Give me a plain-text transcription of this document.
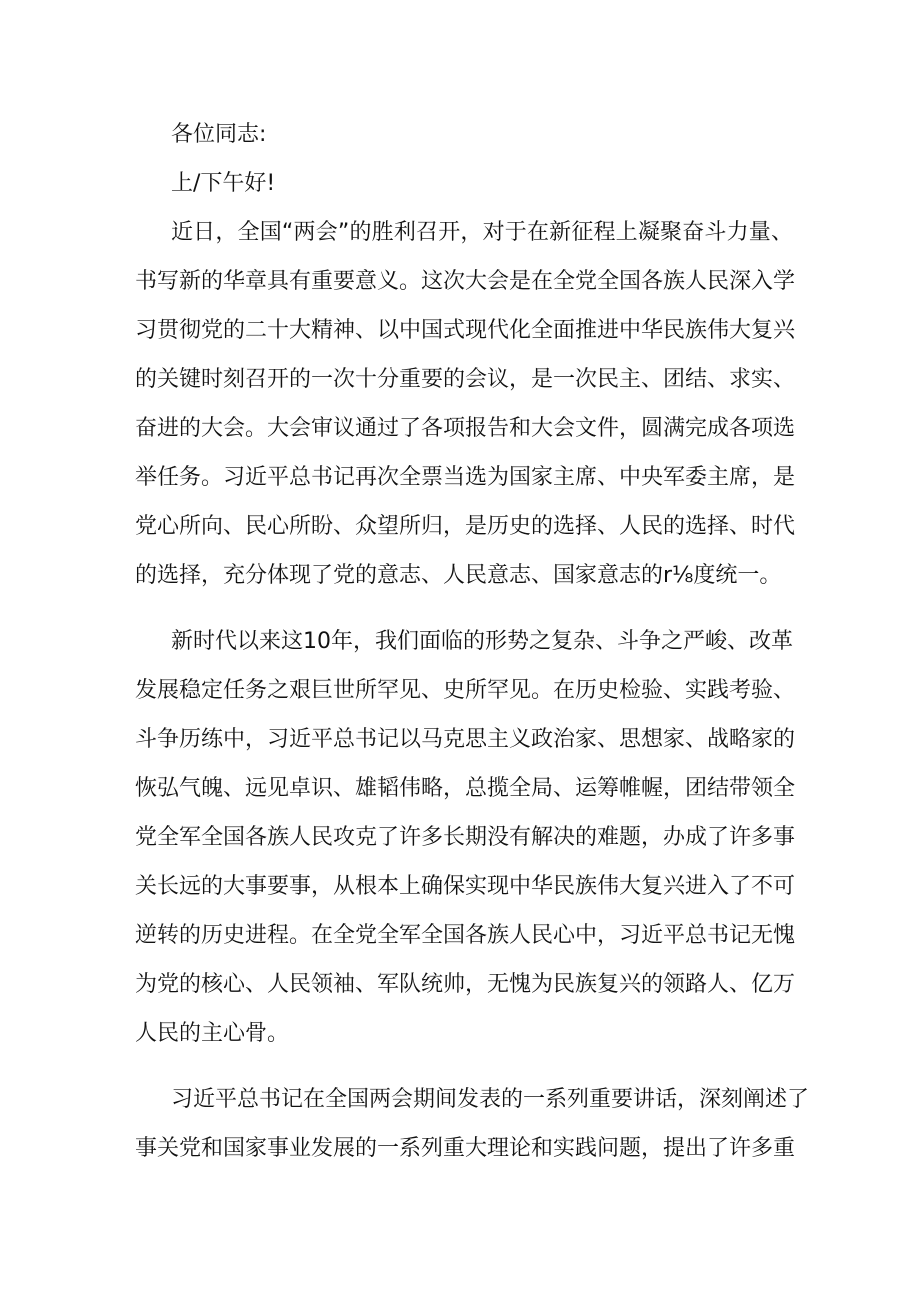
各位同志:
上/下午好!
近日，全国“两会”的胜利召开，对于在新征程上凝聚奋斗力量、
书写新的华章具有重要意义。这次大会是在全党全国各族人民深入学
习贯彻党的二十大精神、以中国式现代化全面推进中华民族伟大复兴
的关键时刻召开的一次十分重要的会议，是一次民主、团结、求实、
奋进的大会。大会审议通过了各项报告和大会文件，圆满完成各项选
举任务。习近平总书记再次全票当选为国家主席、中央军委主席，是
党心所向、民心所盼、众望所归，是历史的选择、人民的选择、时代
的选择，充分体现了党的意志、人民意志、国家意志的r⅛度统一。
新时代以来这10年，我们面临的形势之复杂、斗争之严峻、改革
发展稳定任务之艰巨世所罕见、史所罕见。在历史检验、实践考验、
斗争历练中，习近平总书记以马克思主义政治家、思想家、战略家的
恢弘气魄、远见卓识、雄韬伟略，总揽全局、运筹帷幄，团结带领全
党全军全国各族人民攻克了许多长期没有解决的难题，办成了许多事
关长远的大事要事，从根本上确保实现中华民族伟大复兴进入了不可
逆转的历史进程。在全党全军全国各族人民心中，习近平总书记无愧
为党的核心、人民领袖、军队统帅，无愧为民族复兴的领路人、亿万
人民的主心骨。
习近平总书记在全国两会期间发表的一系列重要讲话，深刻阐述了
事关党和国家事业发展的一系列重大理论和实践问题，提出了许多重
